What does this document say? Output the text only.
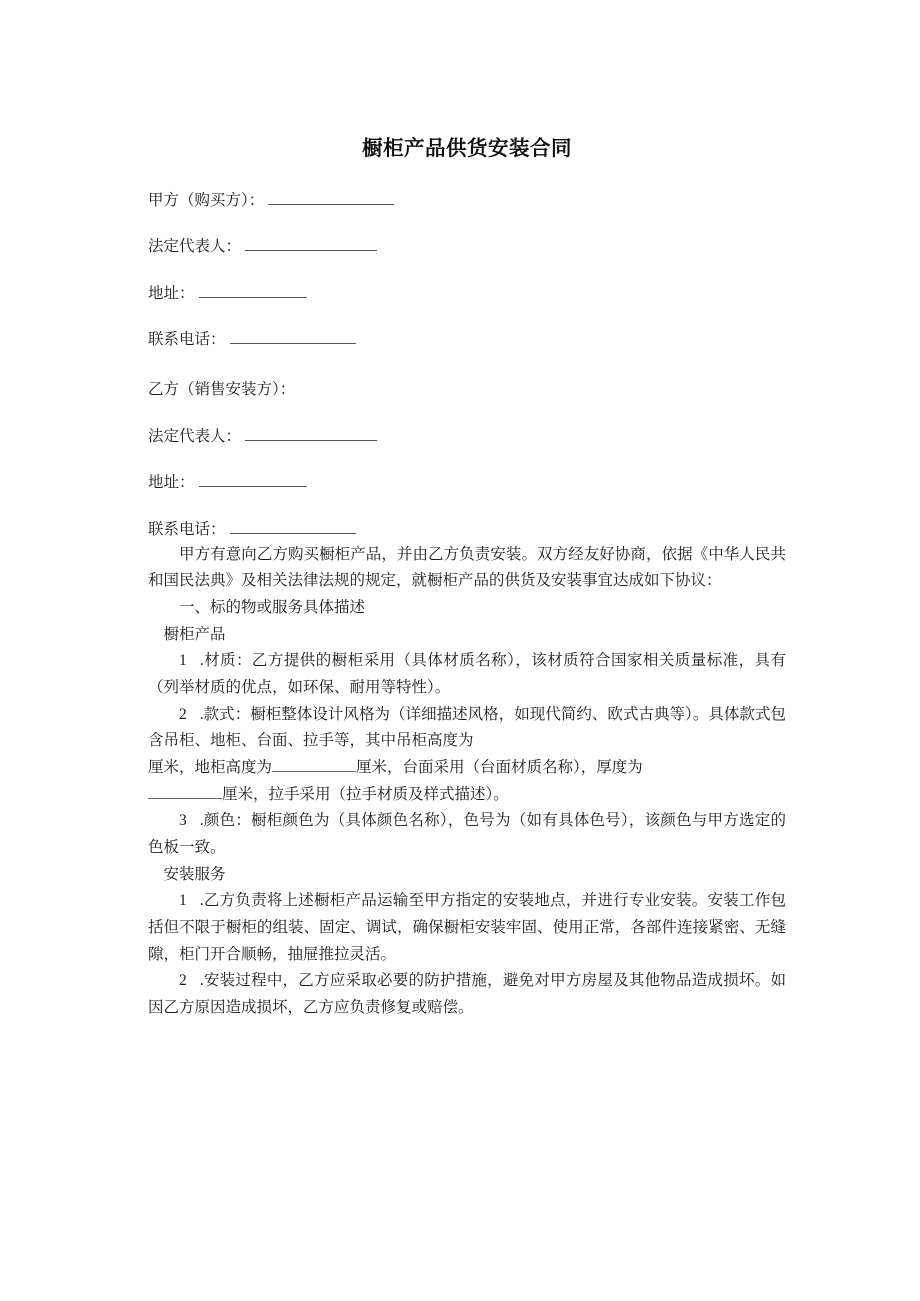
橱柜产品供货安装合同
甲方（购买方）：
法定代表人：
地址：
联系电话：
乙方（销售安装方）：
法定代表人：
地址：
联系电话：

甲方有意向乙方购买橱柜产品，并由乙方负责安装。双方经友好协商，依据《中华人民共和国民法典》及相关法律法规的规定，就橱柜产品的供货及安装事宜达成如下协议：

一、标的物或服务具体描述

橱柜产品

1 .材质：乙方提供的橱柜采用（具体材质名称），该材质符合国家相关质量标准，具有（列举材质的优点，如环保、耐用等特性）。

2 .款式：橱柜整体设计风格为（详细描述风格，如现代简约、欧式古典等）。具体款式包含吊柜、地柜、台面、拉手等，其中吊柜高度为
厘米，地柜高度为	厘米，台面采用（台面材质名称），厚度为
厘米，拉手采用（拉手材质及样式描述）。

3 .颜色：橱柜颜色为（具体颜色名称），色号为（如有具体色号），该颜色与甲方选定的色板一致。

安装服务

1 .乙方负责将上述橱柜产品运输至甲方指定的安装地点，并进行专业安装。安装工作包括但不限于橱柜的组装、固定、调试，确保橱柜安装牢固、使用正常，各部件连接紧密、无缝隙，柜门开合顺畅，抽屉推拉灵活。

2 .安装过程中，乙方应采取必要的防护措施，避免对甲方房屋及其他物品造成损坏。如因乙方原因造成损坏，乙方应负责修复或赔偿。
